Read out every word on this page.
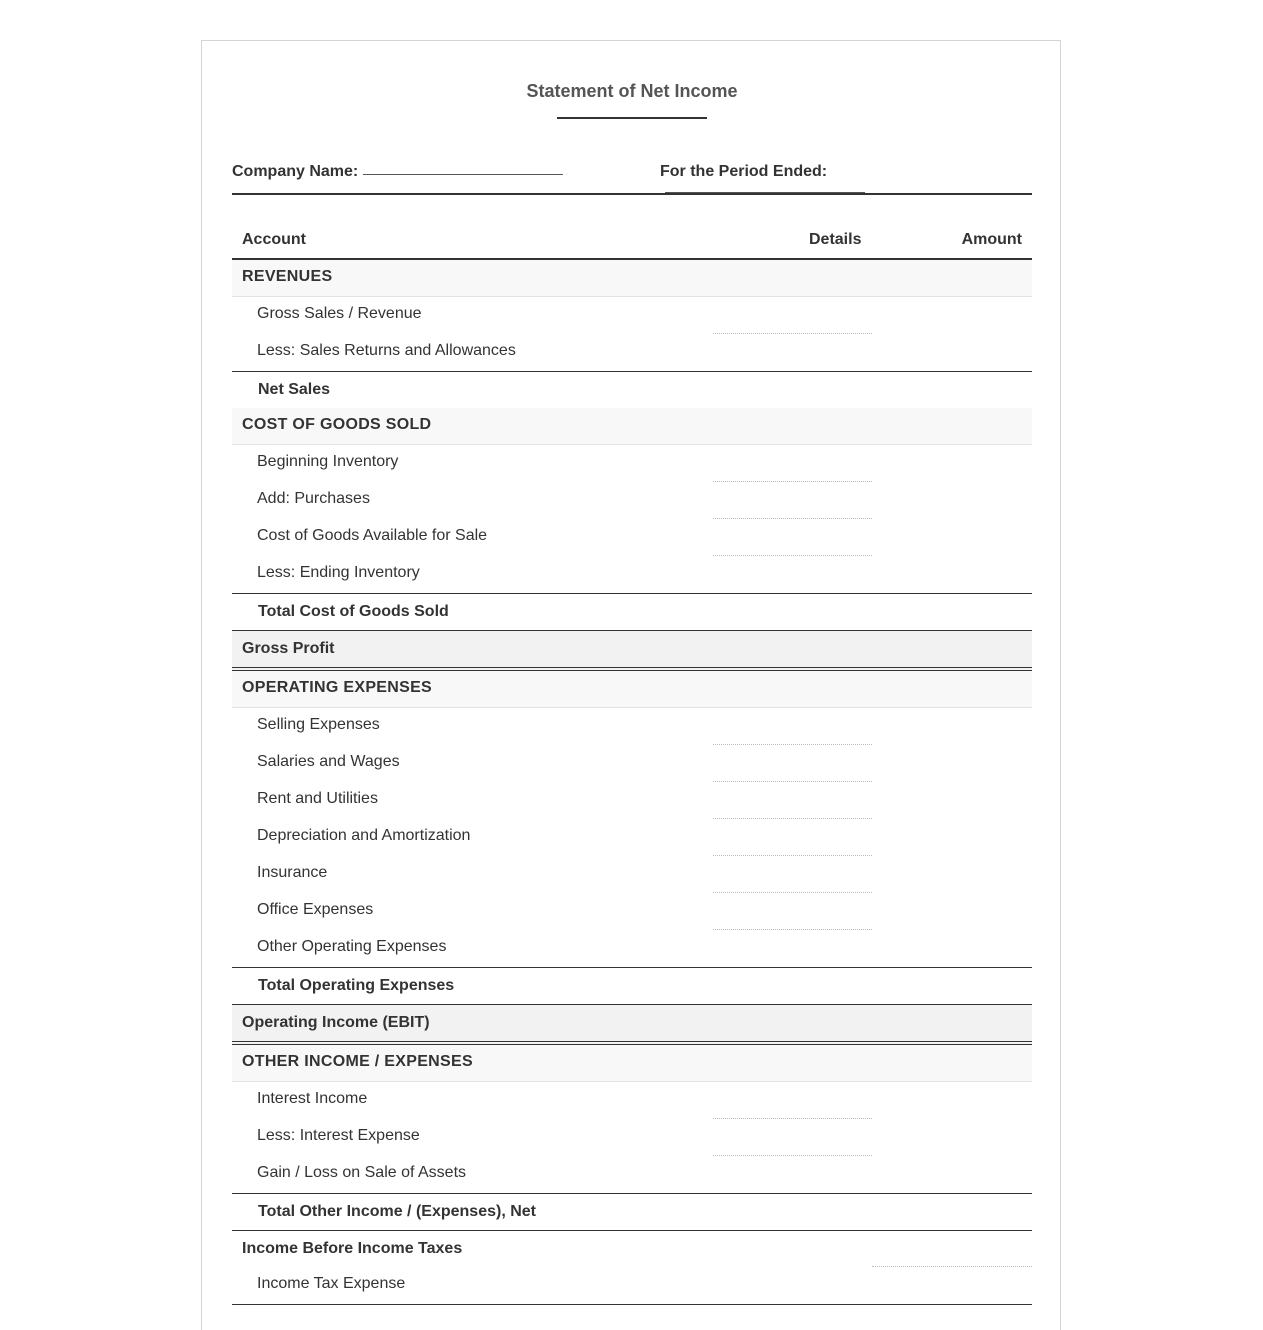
Statement of Net Income
Company Name:	For the Period Ended:
Account	Details	Amount
REVENUES
Gross Sales / Revenue
Less: Sales Returns and Allowances
Net Sales
COST OF GOODS SOLD
Beginning Inventory
Add: Purchases
Cost of Goods Available for Sale
Less: Ending Inventory
Total Cost of Goods Sold
Gross Profit
OPERATING EXPENSES
Selling Expenses
Salaries and Wages
Rent and Utilities
Depreciation and Amortization
Insurance
Office Expenses
Other Operating Expenses
Total Operating Expenses
Operating Income (EBIT)
OTHER INCOME / EXPENSES
Interest Income
Less: Interest Expense
Gain / Loss on Sale of Assets
Total Other Income / (Expenses), Net
Income Before Income Taxes
Income Tax Expense
